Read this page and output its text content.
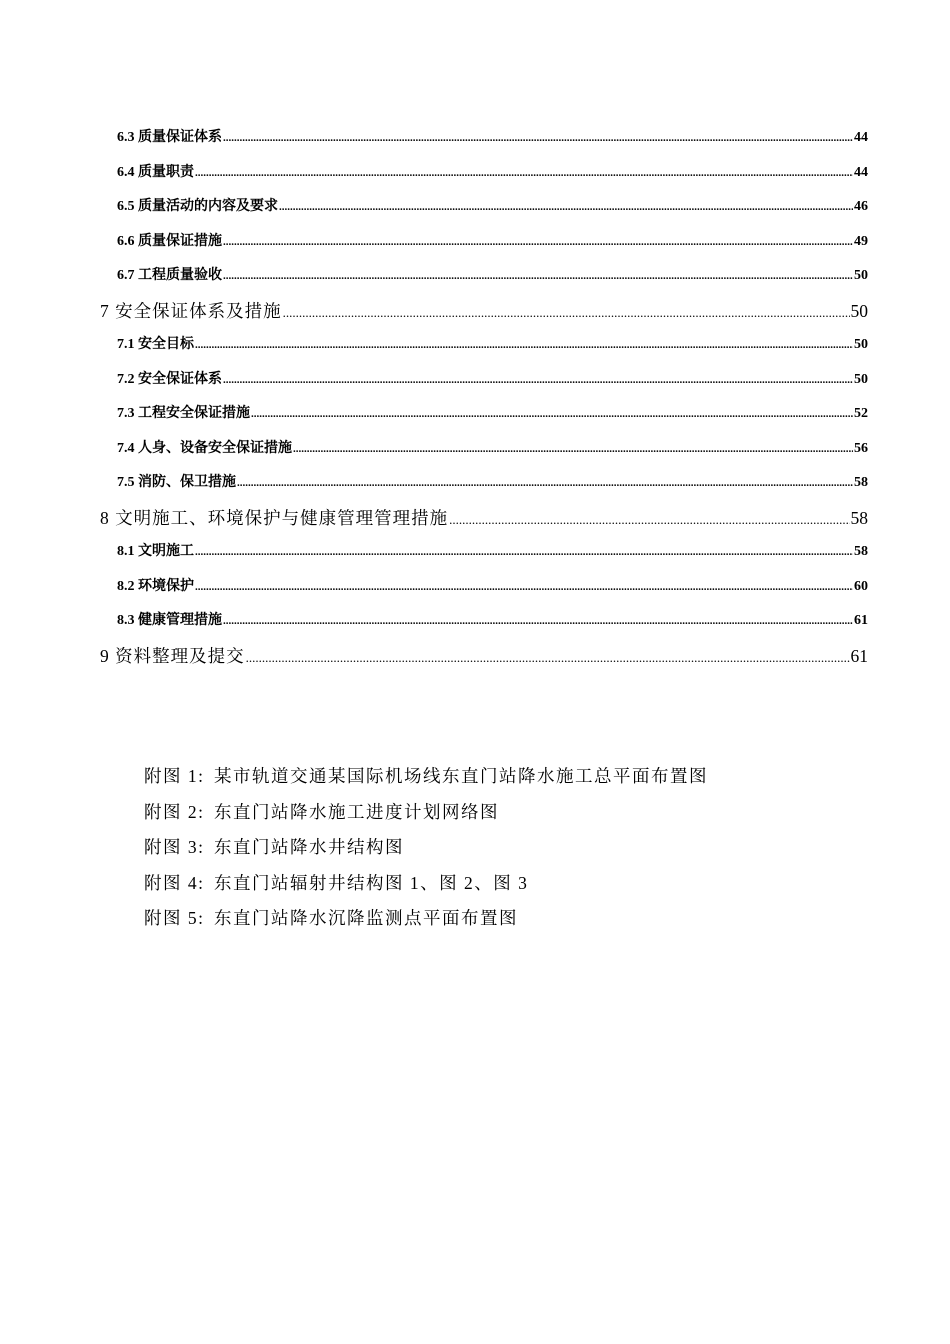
6.3 质量保证体系 .....	44
6.4 质量职责 .....	44
6.5 质量活动的内容及要求 .....	46
6.6 质量保证措施 .....	49
6.7 工程质量验收 .....	50
7 安全保证体系及措施 .....	50
7.1 安全目标 .....	50
7.2 安全保证体系 .....	50
7.3 工程安全保证措施 .....	52
7.4 人身、设备安全保证措施 .....	56
7.5 消防、保卫措施 .....	58
8 文明施工、环境保护与健康管理管理措施 .....	58
8.1 文明施工 .....	58
8.2 环境保护 .....	60
8.3 健康管理措施 .....	61
9 资料整理及提交 .....	61
附图 1: 某市轨道交通某国际机场线东直门站降水施工总平面布置图
附图 2: 东直门站降水施工进度计划网络图
附图 3: 东直门站降水井结构图
附图 4: 东直门站辐射井结构图 1、图 2、图 3
附图 5: 东直门站降水沉降监测点平面布置图
